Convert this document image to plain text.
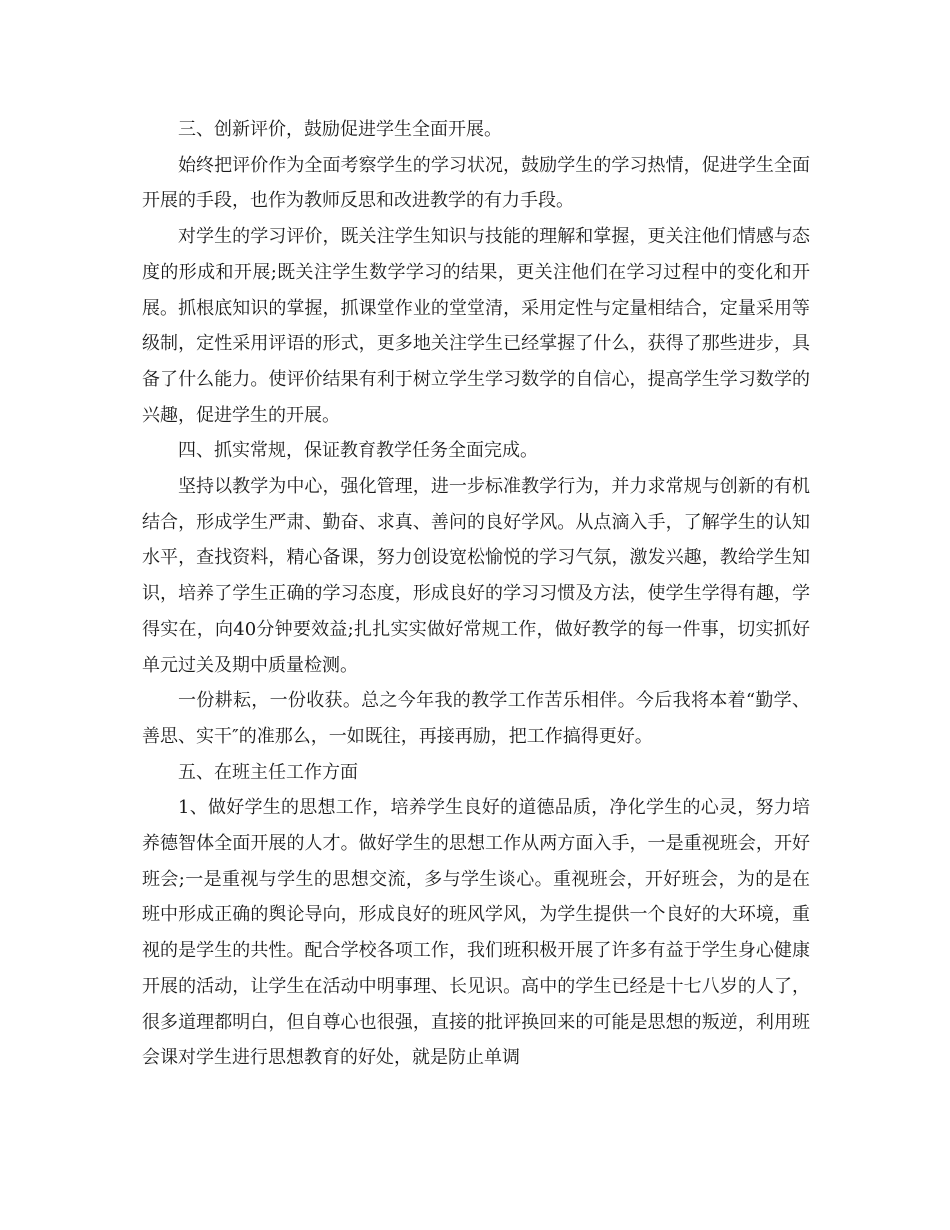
三、创新评价，鼓励促进学生全面开展。

始终把评价作为全面考察学生的学习状况，鼓励学生的学习热情，促进学生全面开展的手段，也作为教师反思和改进教学的有力手段。

对学生的学习评价，既关注学生知识与技能的理解和掌握，更关注他们情感与态度的形成和开展;既关注学生数学学习的结果，更关注他们在学习过程中的变化和开展。抓根底知识的掌握，抓课堂作业的堂堂清，采用定性与定量相结合，定量采用等级制，定性采用评语的形式，更多地关注学生已经掌握了什么，获得了那些进步，具备了什么能力。使评价结果有利于树立学生学习数学的自信心，提高学生学习数学的兴趣，促进学生的开展。

四、抓实常规，保证教育教学任务全面完成。

坚持以教学为中心，强化管理，进一步标准教学行为，并力求常规与创新的有机结合，形成学生严肃、勤奋、求真、善问的良好学风。从点滴入手，了解学生的认知水平，查找资料，精心备课，努力创设宽松愉悦的学习气氛，激发兴趣，教给学生知识，培养了学生正确的学习态度，形成良好的学习习惯及方法，使学生学得有趣，学得实在，向40分钟要效益;扎扎实实做好常规工作，做好教学的每一件事，切实抓好单元过关及期中质量检测。

一份耕耘，一份收获。总之今年我的教学工作苦乐相伴。今后我将本着“勤学、善思、实干″的准那么，一如既往，再接再励，把工作搞得更好。

五、在班主任工作方面

1、做好学生的思想工作，培养学生良好的道德品质，净化学生的心灵，努力培养德智体全面开展的人才。做好学生的思想工作从两方面入手，一是重视班会，开好班会;一是重视与学生的思想交流，多与学生谈心。重视班会，开好班会，为的是在班中形成正确的舆论导向，形成良好的班风学风，为学生提供一个良好的大环境，重视的是学生的共性。配合学校各项工作，我们班积极开展了许多有益于学生身心健康开展的活动，让学生在活动中明事理、长见识。高中的学生已经是十七八岁的人了，很多道理都明白，但自尊心也很强，直接的批评换回来的可能是思想的叛逆，利用班会课对学生进行思想教育的好处，就是防止单调
